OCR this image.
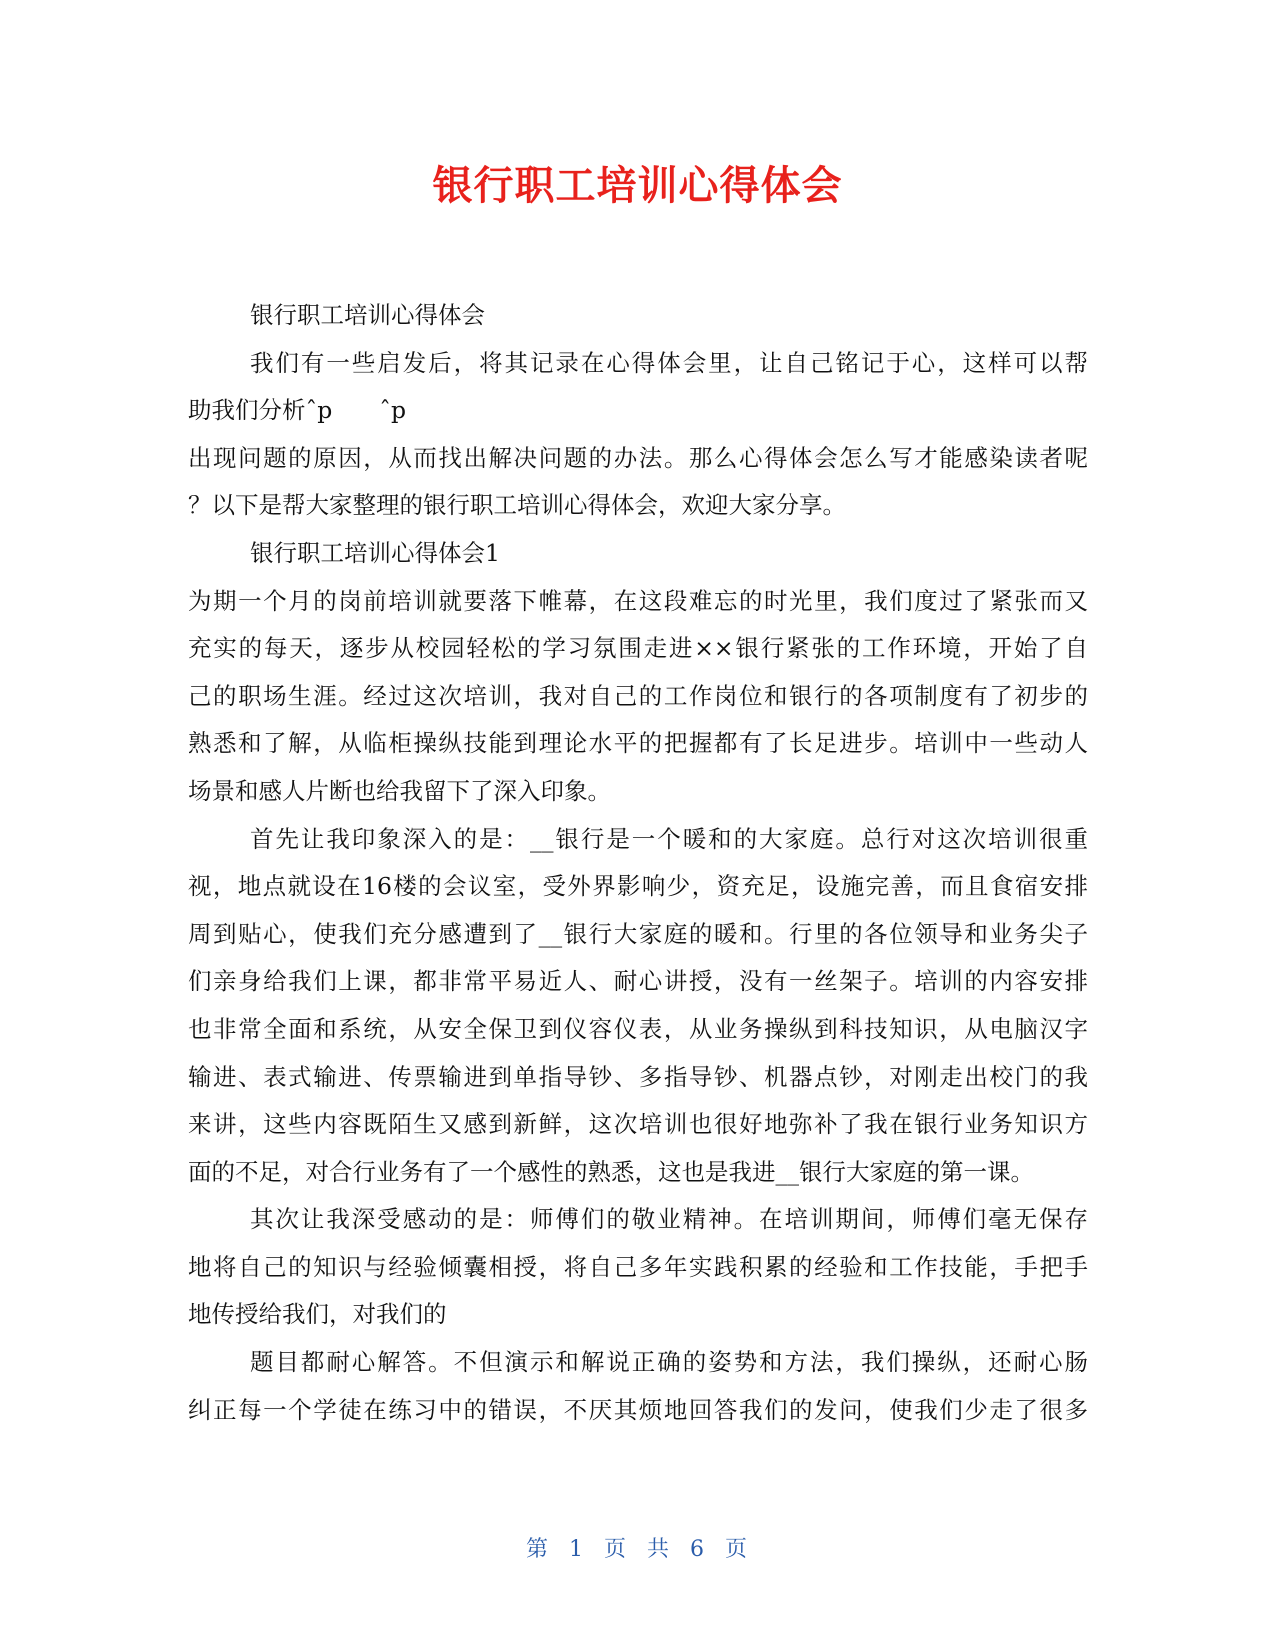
银行职工培训心得体会
银行职工培训心得体会
我们有一些启发后，将其记录在心得体会里，让自己铭记于心，这样可以帮
助我们分析ˆp　　ˆp
出现问题的原因，从而找出解决问题的办法。那么心得体会怎么写才能感染读者呢
？以下是帮大家整理的银行职工培训心得体会，欢迎大家分享。
银行职工培训心得体会1
为期一个月的岗前培训就要落下帷幕，在这段难忘的时光里，我们度过了紧张而又
充实的每天，逐步从校园轻松的学习氛围走进××银行紧张的工作环境，开始了自
己的职场生涯。经过这次培训，我对自己的工作岗位和银行的各项制度有了初步的
熟悉和了解，从临柜操纵技能到理论水平的把握都有了长足进步。培训中一些动人
场景和感人片断也给我留下了深入印象。
首先让我印象深入的是：__银行是一个暖和的大家庭。总行对这次培训很重
视，地点就设在16楼的会议室，受外界影响少，资充足，设施完善，而且食宿安排
周到贴心，使我们充分感遭到了__银行大家庭的暖和。行里的各位领导和业务尖子
们亲身给我们上课，都非常平易近人、耐心讲授，没有一丝架子。培训的内容安排
也非常全面和系统，从安全保卫到仪容仪表，从业务操纵到科技知识，从电脑汉字
输进、表式输进、传票输进到单指导钞、多指导钞、机器点钞，对刚走出校门的我
来讲，这些内容既陌生又感到新鲜，这次培训也很好地弥补了我在银行业务知识方
面的不足，对合行业务有了一个感性的熟悉，这也是我进__银行大家庭的第一课。
其次让我深受感动的是：师傅们的敬业精神。在培训期间，师傅们毫无保存
地将自己的知识与经验倾囊相授，将自己多年实践积累的经验和工作技能，手把手
地传授给我们，对我们的
题目都耐心解答。不但演示和解说正确的姿势和方法，我们操纵，还耐心肠
纠正每一个学徒在练习中的错误，不厌其烦地回答我们的发问，使我们少走了很多
第 1 页 共 6 页
